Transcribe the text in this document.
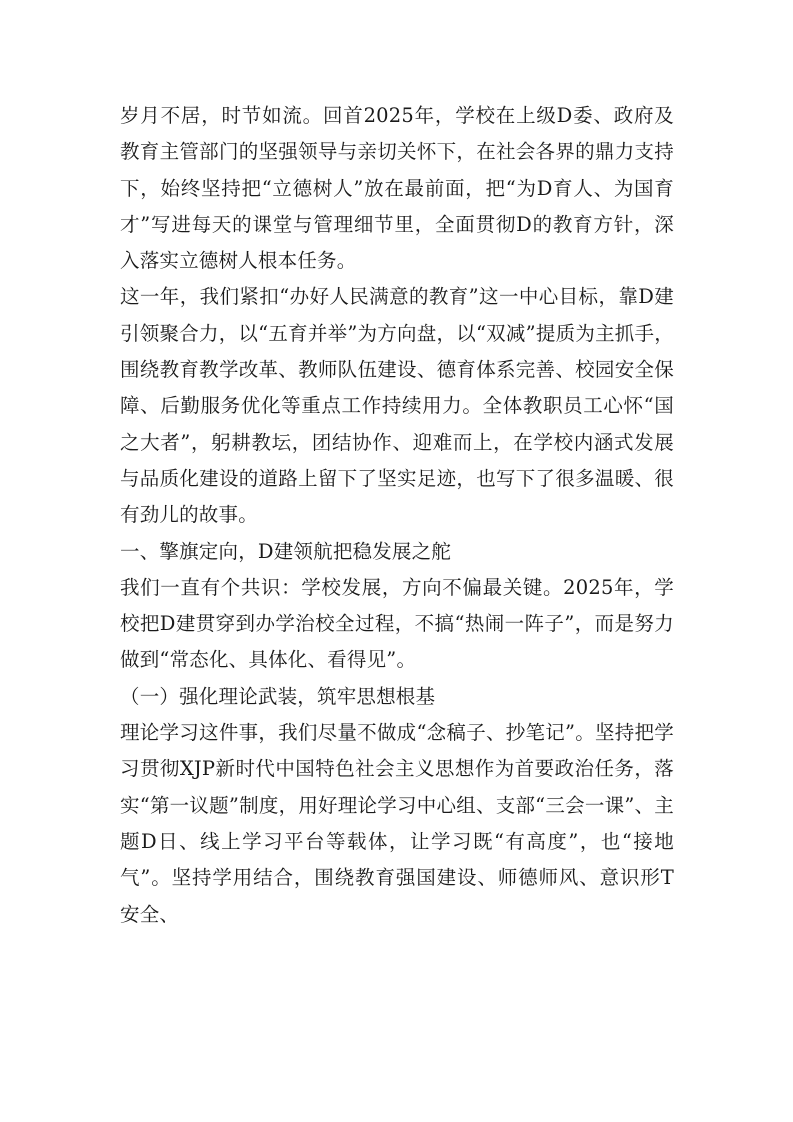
岁月不居，时节如流。回首2025年，学校在上级D委、政府及教育主管部门的坚强领导与亲切关怀下，在社会各界的鼎力支持下，始终坚持把“立德树人”放在最前面，把“为D育人、为国育才”写进每天的课堂与管理细节里，全面贯彻D的教育方针，深入落实立德树人根本任务。

这一年，我们紧扣“办好人民满意的教育”这一中心目标，靠D建引领聚合力，以“五育并举”为方向盘，以“双减”提质为主抓手，围绕教育教学改革、教师队伍建设、德育体系完善、校园安全保障、后勤服务优化等重点工作持续用力。全体教职员工心怀“国之大者”，躬耕教坛，团结协作、迎难而上，在学校内涵式发展与品质化建设的道路上留下了坚实足迹，也写下了很多温暖、很有劲儿的故事。

一、擎旗定向，D建领航把稳发展之舵

我们一直有个共识：学校发展，方向不偏最关键。2025年，学校把D建贯穿到办学治校全过程，不搞“热闹一阵子”，而是努力做到“常态化、具体化、看得见”。

（一）强化理论武装，筑牢思想根基

理论学习这件事，我们尽量不做成“念稿子、抄笔记”。坚持把学习贯彻XJP新时代中国特色社会主义思想作为首要政治任务，落实“第一议题”制度，用好理论学习中心组、支部“三会一课”、主题D日、线上学习平台等载体，让学习既“有高度”，也“接地气”。坚持学用结合，围绕教育强国建设、师德师风、意识形T安全、
